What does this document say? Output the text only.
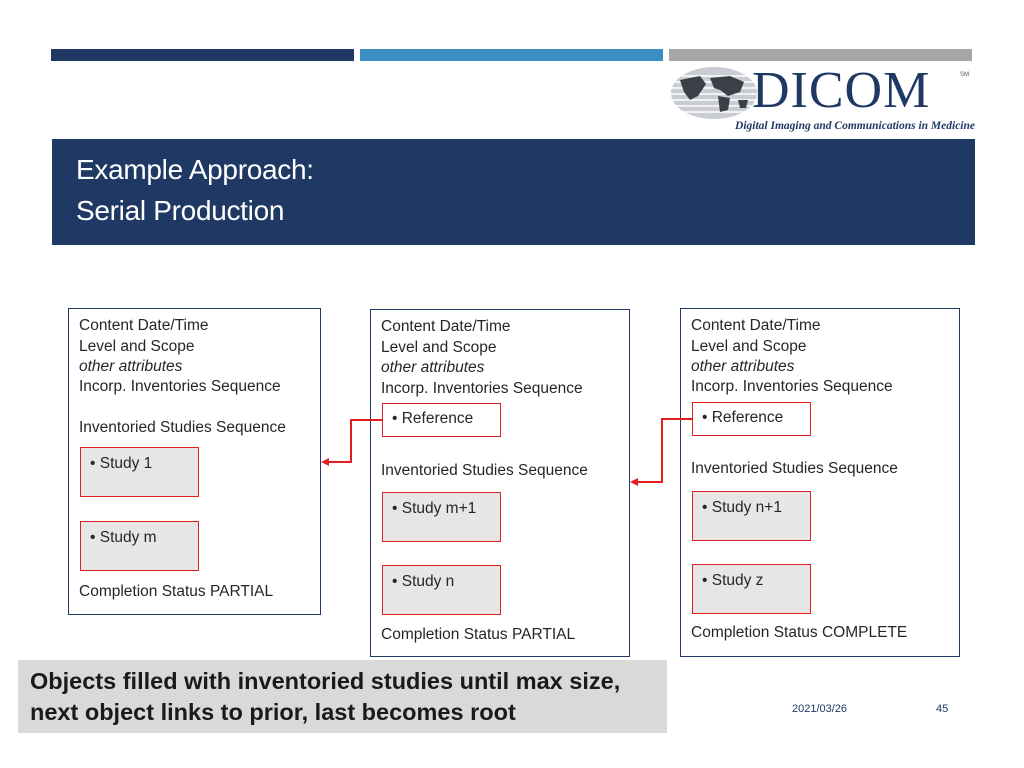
DICOM	SM
Digital Imaging and Communications in Medicine
Example Approach:
Serial Production
Content Date/Time
Level and Scope
other attributes
Incorp. Inventories Sequence
Inventoried Studies Sequence
• Study 1
• Study m
Completion Status PARTIAL
Content Date/Time
Level and Scope
other attributes
Incorp. Inventories Sequence
• Reference
Inventoried Studies Sequence
• Study m+1
• Study n
Completion Status PARTIAL
Content Date/Time
Level and Scope
other attributes
Incorp. Inventories Sequence
• Reference
Inventoried Studies Sequence
• Study n+1
• Study z
Completion Status COMPLETE
Objects filled with inventoried studies until max size,
next object links to prior, last becomes root	2021/03/26	45
